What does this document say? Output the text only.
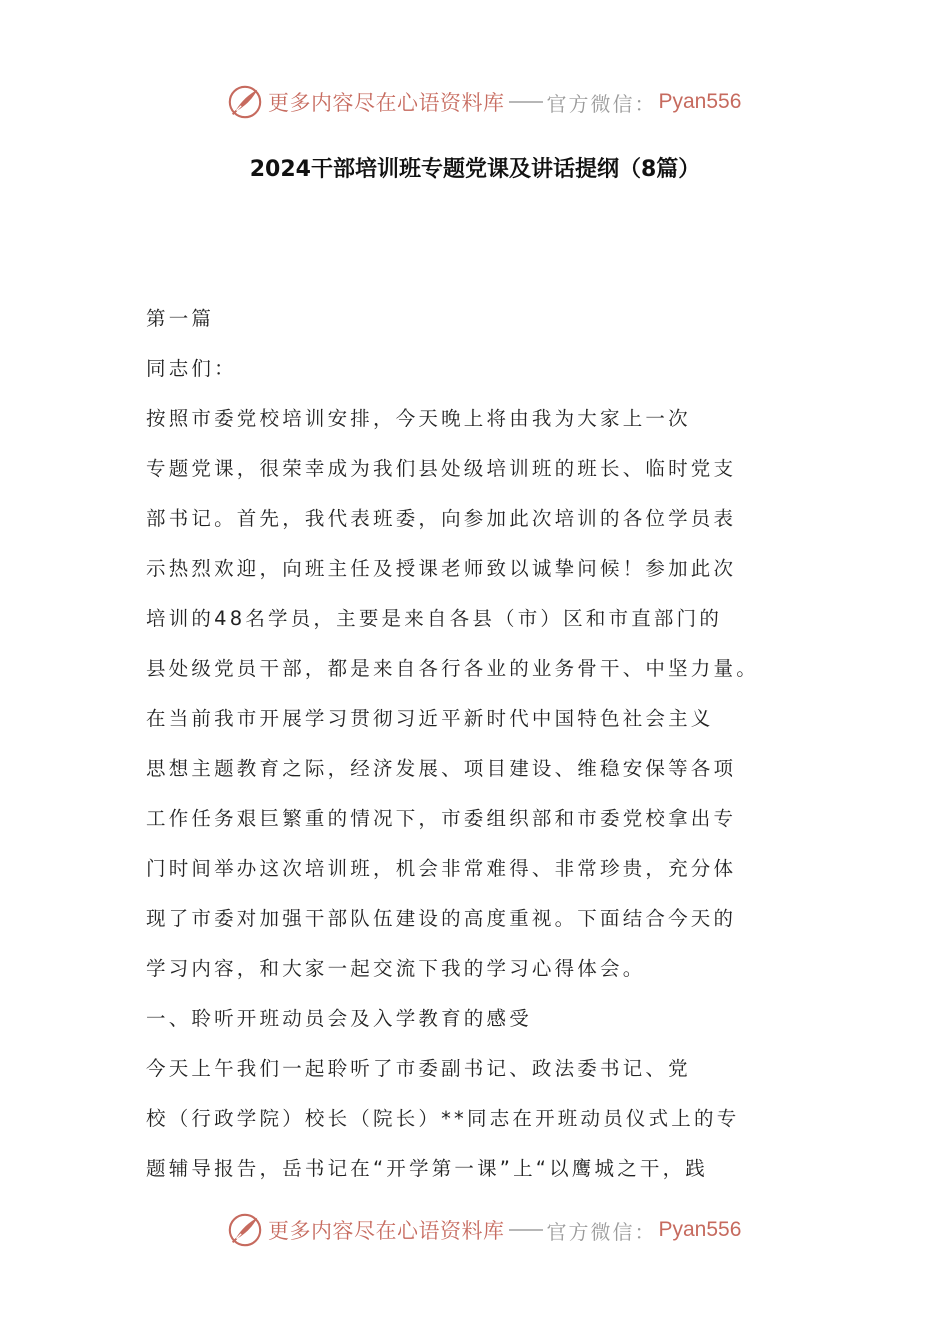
更多内容尽在心语资料库 官方微信： Pyan556
2024干部培训班专题党课及讲话提纲（8篇）
第一篇
同志们：
按照市委党校培训安排，今天晚上将由我为大家上一次
专题党课，很荣幸成为我们县处级培训班的班长、临时党支
部书记。首先，我代表班委，向参加此次培训的各位学员表
示热烈欢迎，向班主任及授课老师致以诚挚问候！参加此次
培训的48名学员，主要是来自各县（市）区和市直部门的
县处级党员干部，都是来自各行各业的业务骨干、中坚力量。
在当前我市开展学习贯彻习近平新时代中国特色社会主义
思想主题教育之际，经济发展、项目建设、维稳安保等各项
工作任务艰巨繁重的情况下，市委组织部和市委党校拿出专
门时间举办这次培训班，机会非常难得、非常珍贵，充分体
现了市委对加强干部队伍建设的高度重视。下面结合今天的
学习内容，和大家一起交流下我的学习心得体会。
一、聆听开班动员会及入学教育的感受
今天上午我们一起聆听了市委副书记、政法委书记、党
校（行政学院）校长（院长）**同志在开班动员仪式上的专
题辅导报告，岳书记在“开学第一课”上“以鹰城之干，践
更多内容尽在心语资料库 官方微信： Pyan556
